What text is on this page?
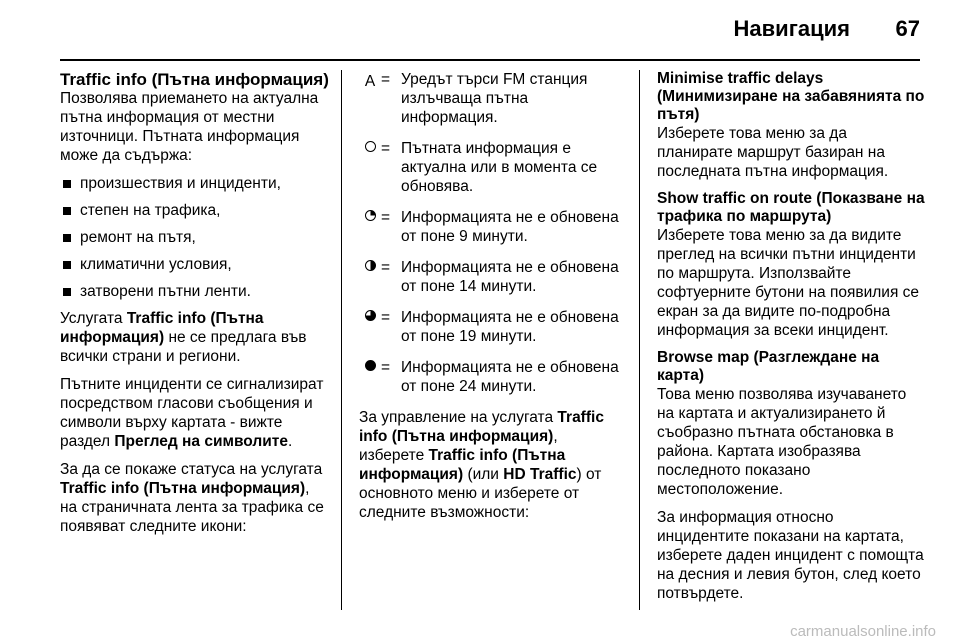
Навигация 67
Traffic info (Пътна информация)

Позволява приемането на актуална пътна информация от местни източници. Пътната информация може да съдържа:

произшествия и инциденти,
степен на трафика,
ремонт на пътя,
климатични условия,
затворени пътни ленти.

Услугата Traffic info (Пътна информация) не се предлага във всички страни и региони.

Пътните инциденти се сигнализират посредством гласови съобщения и символи върху картата - вижте раздел Преглед на символите.

За да се покаже статуса на услугата Traffic info (Пътна информация), на страничната лента за трафика се появяват следните икони:

A = Уредът търси FM станция излъчваща пътна информация.
= Пътната информация е актуална или в момента се обновява.
= Информацията не е обновена от поне 9 минути.
= Информацията не е обновена от поне 14 минути.
= Информацията не е обновена от поне 19 минути.
= Информацията не е обновена от поне 24 минути.

За управление на услугата Traffic info (Пътна информация), изберете Traffic info (Пътна информация) (или HD Traffic) от основното меню и изберете от следните възможности:

Minimise traffic delays (Минимизиране на забавянията по пътя)

Изберете това меню за да планирате маршрут базиран на последната пътна информация.

Show traffic on route (Показване на трафика по маршрута)

Изберете това меню за да видите преглед на всички пътни инциденти по маршрута. Използвайте софтуерните бутони на появилия се екран за да видите по-подробна информация за всеки инцидент.

Browse map (Разглеждане на карта)

Това меню позволява изучаването на картата и актуализирането й съобразно пътната обстановка в района. Картата изобразява последното показано местоположение.

За информация относно инцидентите показани на картата, изберете даден инцидент с помощта на десния и левия бутон, след което потвърдете.

carmanualsonline.info
